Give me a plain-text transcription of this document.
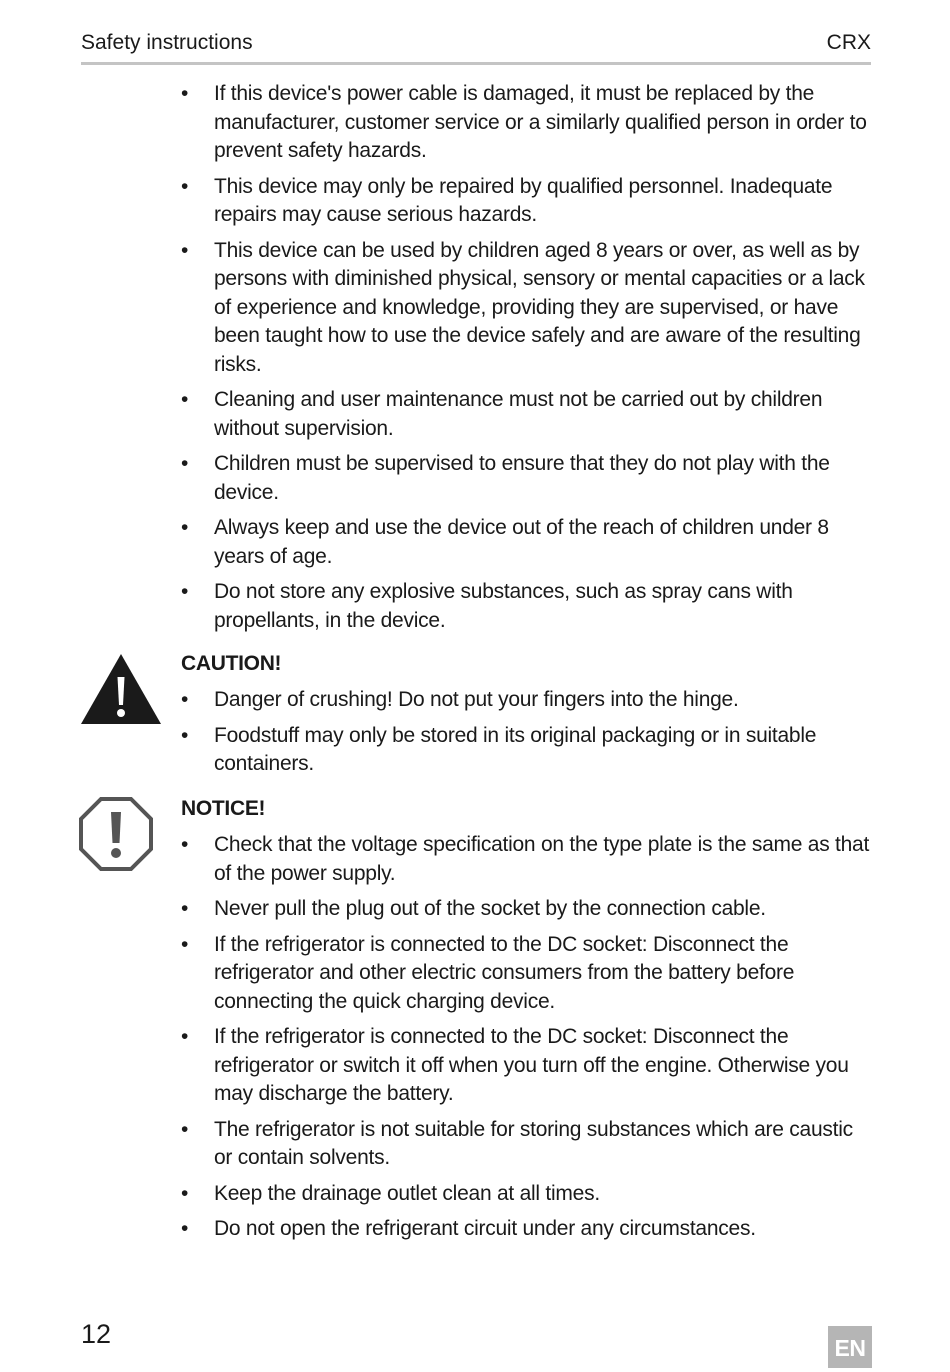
Safety instructions	CRX
• If this device's power cable is damaged, it must be replaced by the manufacturer, customer service or a similarly qualified person in order to prevent safety hazards.
• This device may only be repaired by qualified personnel. Inadequate repairs may cause serious hazards.
• This device can be used by children aged 8 years or over, as well as by persons with diminished physical, sensory or mental capacities or a lack of experience and knowledge, providing they are supervised, or have been taught how to use the device safely and are aware of the resulting risks.
• Cleaning and user maintenance must not be carried out by children without supervision.
• Children must be supervised to ensure that they do not play with the device.
• Always keep and use the device out of the reach of children under 8 years of age.
• Do not store any explosive substances, such as spray cans with propellants, in the device.
CAUTION!
• Danger of crushing! Do not put your fingers into the hinge.
• Foodstuff may only be stored in its original packaging or in suitable containers.
NOTICE!
• Check that the voltage specification on the type plate is the same as that of the power supply.
• Never pull the plug out of the socket by the connection cable.
• If the refrigerator is connected to the DC socket: Disconnect the refrigerator and other electric consumers from the battery before connecting the quick charging device.
• If the refrigerator is connected to the DC socket: Disconnect the refrigerator or switch it off when you turn off the engine. Otherwise you may discharge the battery.
• The refrigerator is not suitable for storing substances which are caustic or contain solvents.
• Keep the drainage outlet clean at all times.
• Do not open the refrigerant circuit under any circumstances.
12	EN
